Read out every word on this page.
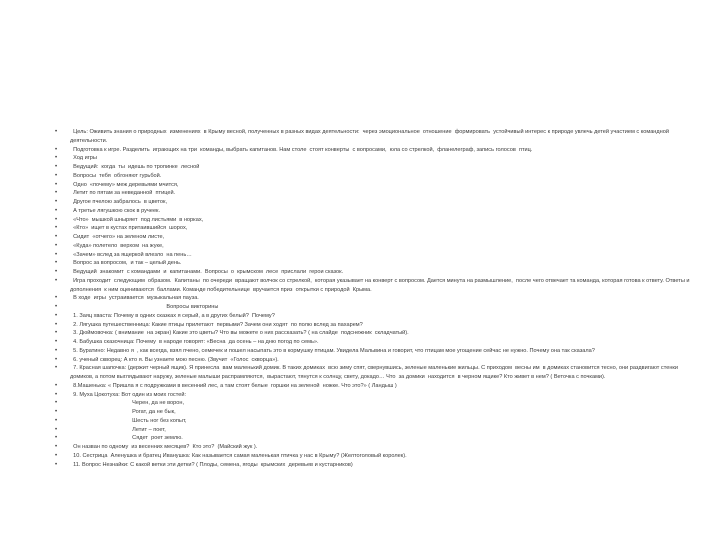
•   Цель: Оживить знания о природных  изменениях  в Крыму весной, полученных в разных видах деятельности:  через эмоциональное  отношение  формировать  устойчивый интерес к природе увлечь детей участием с командной  деятельности.
•   Подготовка к игре. Разделить  играющих на три  команды, выбрать капитанов. Нам столе  стоят конверты  с вопросами,  юла со стрелкой,  фланелеграф, запись голосов  птиц.
•   Ход игры
•   Ведущий:  когда  ты  идешь по тропинке  лесной
•   Вопросы  тебя  обгоняют гурьбой.
•   Одно  «почему» меж деревьями мчится,
•   Летит по пятам за неведанной  птицей.
•   Другое пчелою забралось  в цветок,
•   А третье лягушкою скок в ручеек.
•   «Что»  мышкой шныряет  под листьями  в норках,
•   «Кто»  ищет в кустах притаившийся  шорох,
•   Сидит  «отчего» на зеленом листе,
•   «Куда» полетело  верхом  на жуке,
•   «Зачем» вслед за ящеркой влезло  на пень…
•   Вопрос за вопросом,  и так – целый день.
•   Ведущий  знакомит  с командами  и  капитанами.  Вопросы  о  крымском  лесе  прислали  герои сказок.
•   Игра проходит  следующим  образом.  Капитаны  по очереди  вращают волчок со стрелкой,  которая указывает на конверт с вопросом. Дается минута на размышление,  после чего отвечает та команда, которая готова к ответу. Ответы и дополнения  к ним оцениваются  баллами. Команде победительнице  вручается приз  открытки с природой  Крыма.
•   В ходе  игры  устраивается  музыкальная пауза.
•                                                               Вопросы викторины
•   1. Заяц хваста: Почему в одних сказках я серый, а в других белый?  Почему?
•   2. Лягушка путешественница: Какие птицы прилетают  первыми? Зачем они ходят  по полю вслед за пахарем?
•   3. Дюймовочка: ( внимание  на экран) Какие это цветы? Что вы можете о них рассказать? ( на слайде  подснежник  складчатый).
•   4. Бабушка сказочница: Почему  в народе говорят: «Весна  да осень – на дню погод по семь».
•   5. Буратино: Недавно я  , как всегда, взял пчено, семечек и пошел насыпать это в кормушку птицам. Увидела Мальвина и говорит, что птицам мое угощение сейчас не нужно. Почему она так сказала?
•   6. ученый скворец: А кто я. Вы узнаете мою песню. (Звучит  «Голос  скворца»).
•   7. Красная шапочка: (держит черный ящик). Я принесла  вам маленький домик. В таких домиках  всю зиму спят, свернувшись, зеленые маленькие жильцы. С приходом  весны им  в домиках становится тесно, они раздвигают стенки домиков, а потом выглядывают наружу, зеленые малыши распрамляются,  вырастают, тянутся к солнцу, свету, докадо… Что  за домики  находится  в черном ящике? Кто живет в нем? ( Веточка с почками).
•   8.Машенька: « Пришла я с подружками в весенний лес, а там стоят белые  горшки на зеленой  ножке. Что это?» ( Ландыш )
•   9. Муха Цокотуха: Вот один из моих гостей:
•                                         Черен, да не ворон,
•                                         Рогат, да не бык,
•                                         Шесть ног без копыт,
•                                         Летит – поет,
•                                         Сядет  роет землю.
•   Он назван по одному  из весенних месяцев?  Кто это?  (Майский жук ).
•   10. Сестрица  Аленушка и братец Иванушка: Как называется самая маленькая птичка у нас в Крыму? (Желтоголовый королек).
•   11. Вопрос Незнайки: С какой ветки эти детки? ( Плоды, семена, ягоды  крымских  деревьев и кустарников)
